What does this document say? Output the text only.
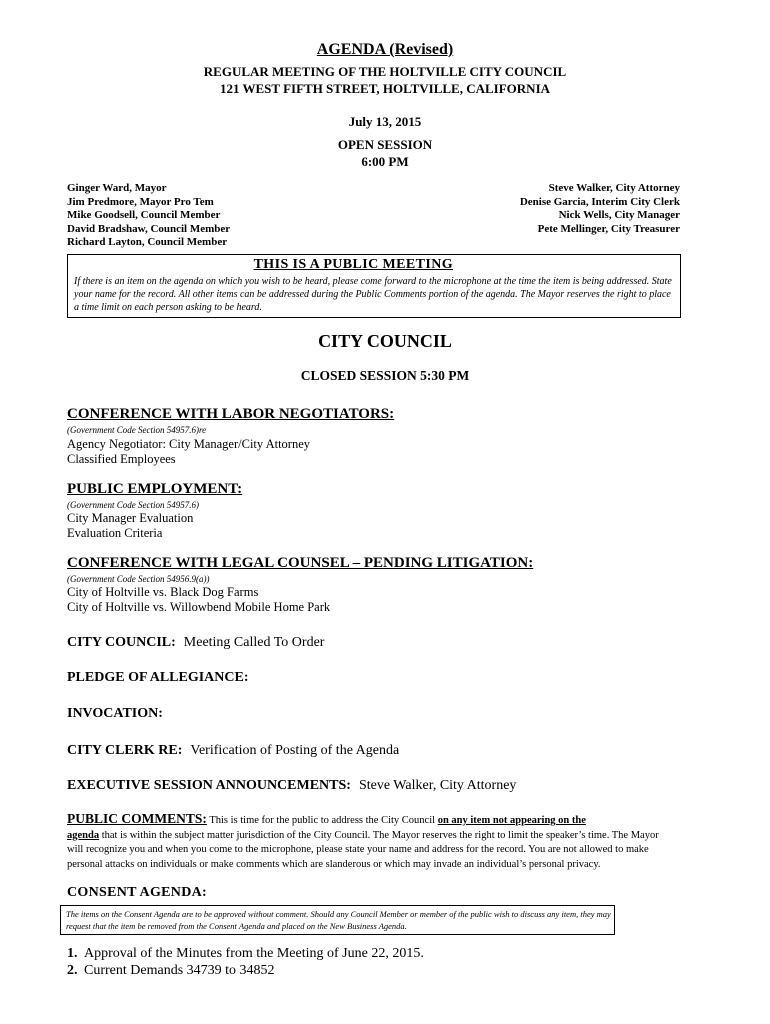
AGENDA (Revised)
REGULAR MEETING OF THE HOLTVILLE CITY COUNCIL
121 WEST FIFTH STREET, HOLTVILLE, CALIFORNIA
July 13, 2015
OPEN SESSION
6:00 PM
Ginger Ward, Mayor
Jim Predmore, Mayor Pro Tem
Mike Goodsell, Council Member
David Bradshaw, Council Member
Richard Layton, Council Member
Steve Walker, City Attorney
Denise Garcia, Interim City Clerk
Nick Wells, City Manager
Pete Mellinger, City Treasurer
THIS IS A PUBLIC MEETING
If there is an item on the agenda on which you wish to be heard, please come forward to the microphone at the time the item is being addressed. State your name for the record. All other items can be addressed during the Public Comments portion of the agenda. The Mayor reserves the right to place a time limit on each person asking to be heard.
CITY COUNCIL
CLOSED SESSION 5:30 PM
CONFERENCE WITH LABOR NEGOTIATORS:
(Government Code Section 54957.6)re
Agency Negotiator: City Manager/City Attorney
Classified Employees
PUBLIC EMPLOYMENT:
(Government Code Section 54957.6)
City Manager Evaluation
Evaluation Criteria
CONFERENCE WITH LEGAL COUNSEL – PENDING LITIGATION:
(Government Code Section 54956.9(a))
City of Holtville vs. Black Dog Farms
City of Holtville vs. Willowbend Mobile Home Park
CITY COUNCIL: Meeting Called To Order
PLEDGE OF ALLEGIANCE:
INVOCATION:
CITY CLERK RE: Verification of Posting of the Agenda
EXECUTIVE SESSION ANNOUNCEMENTS: Steve Walker, City Attorney
PUBLIC COMMENTS: This is time for the public to address the City Council on any item not appearing on the
agenda that is within the subject matter jurisdiction of the City Council. The Mayor reserves the right to limit the speaker’s time. The Mayor
will recognize you and when you come to the microphone, please state your name and address for the record. You are not allowed to make
personal attacks on individuals or make comments which are slanderous or which may invade an individual’s personal privacy.
CONSENT AGENDA:
The items on the Consent Agenda are to be approved without comment. Should any Council Member or member of the public wish to discuss any item, they may request that the item be removed from the Consent Agenda and placed on the New Business Agenda.
1. Approval of the Minutes from the Meeting of June 22, 2015.
2. Current Demands 34739 to 34852
